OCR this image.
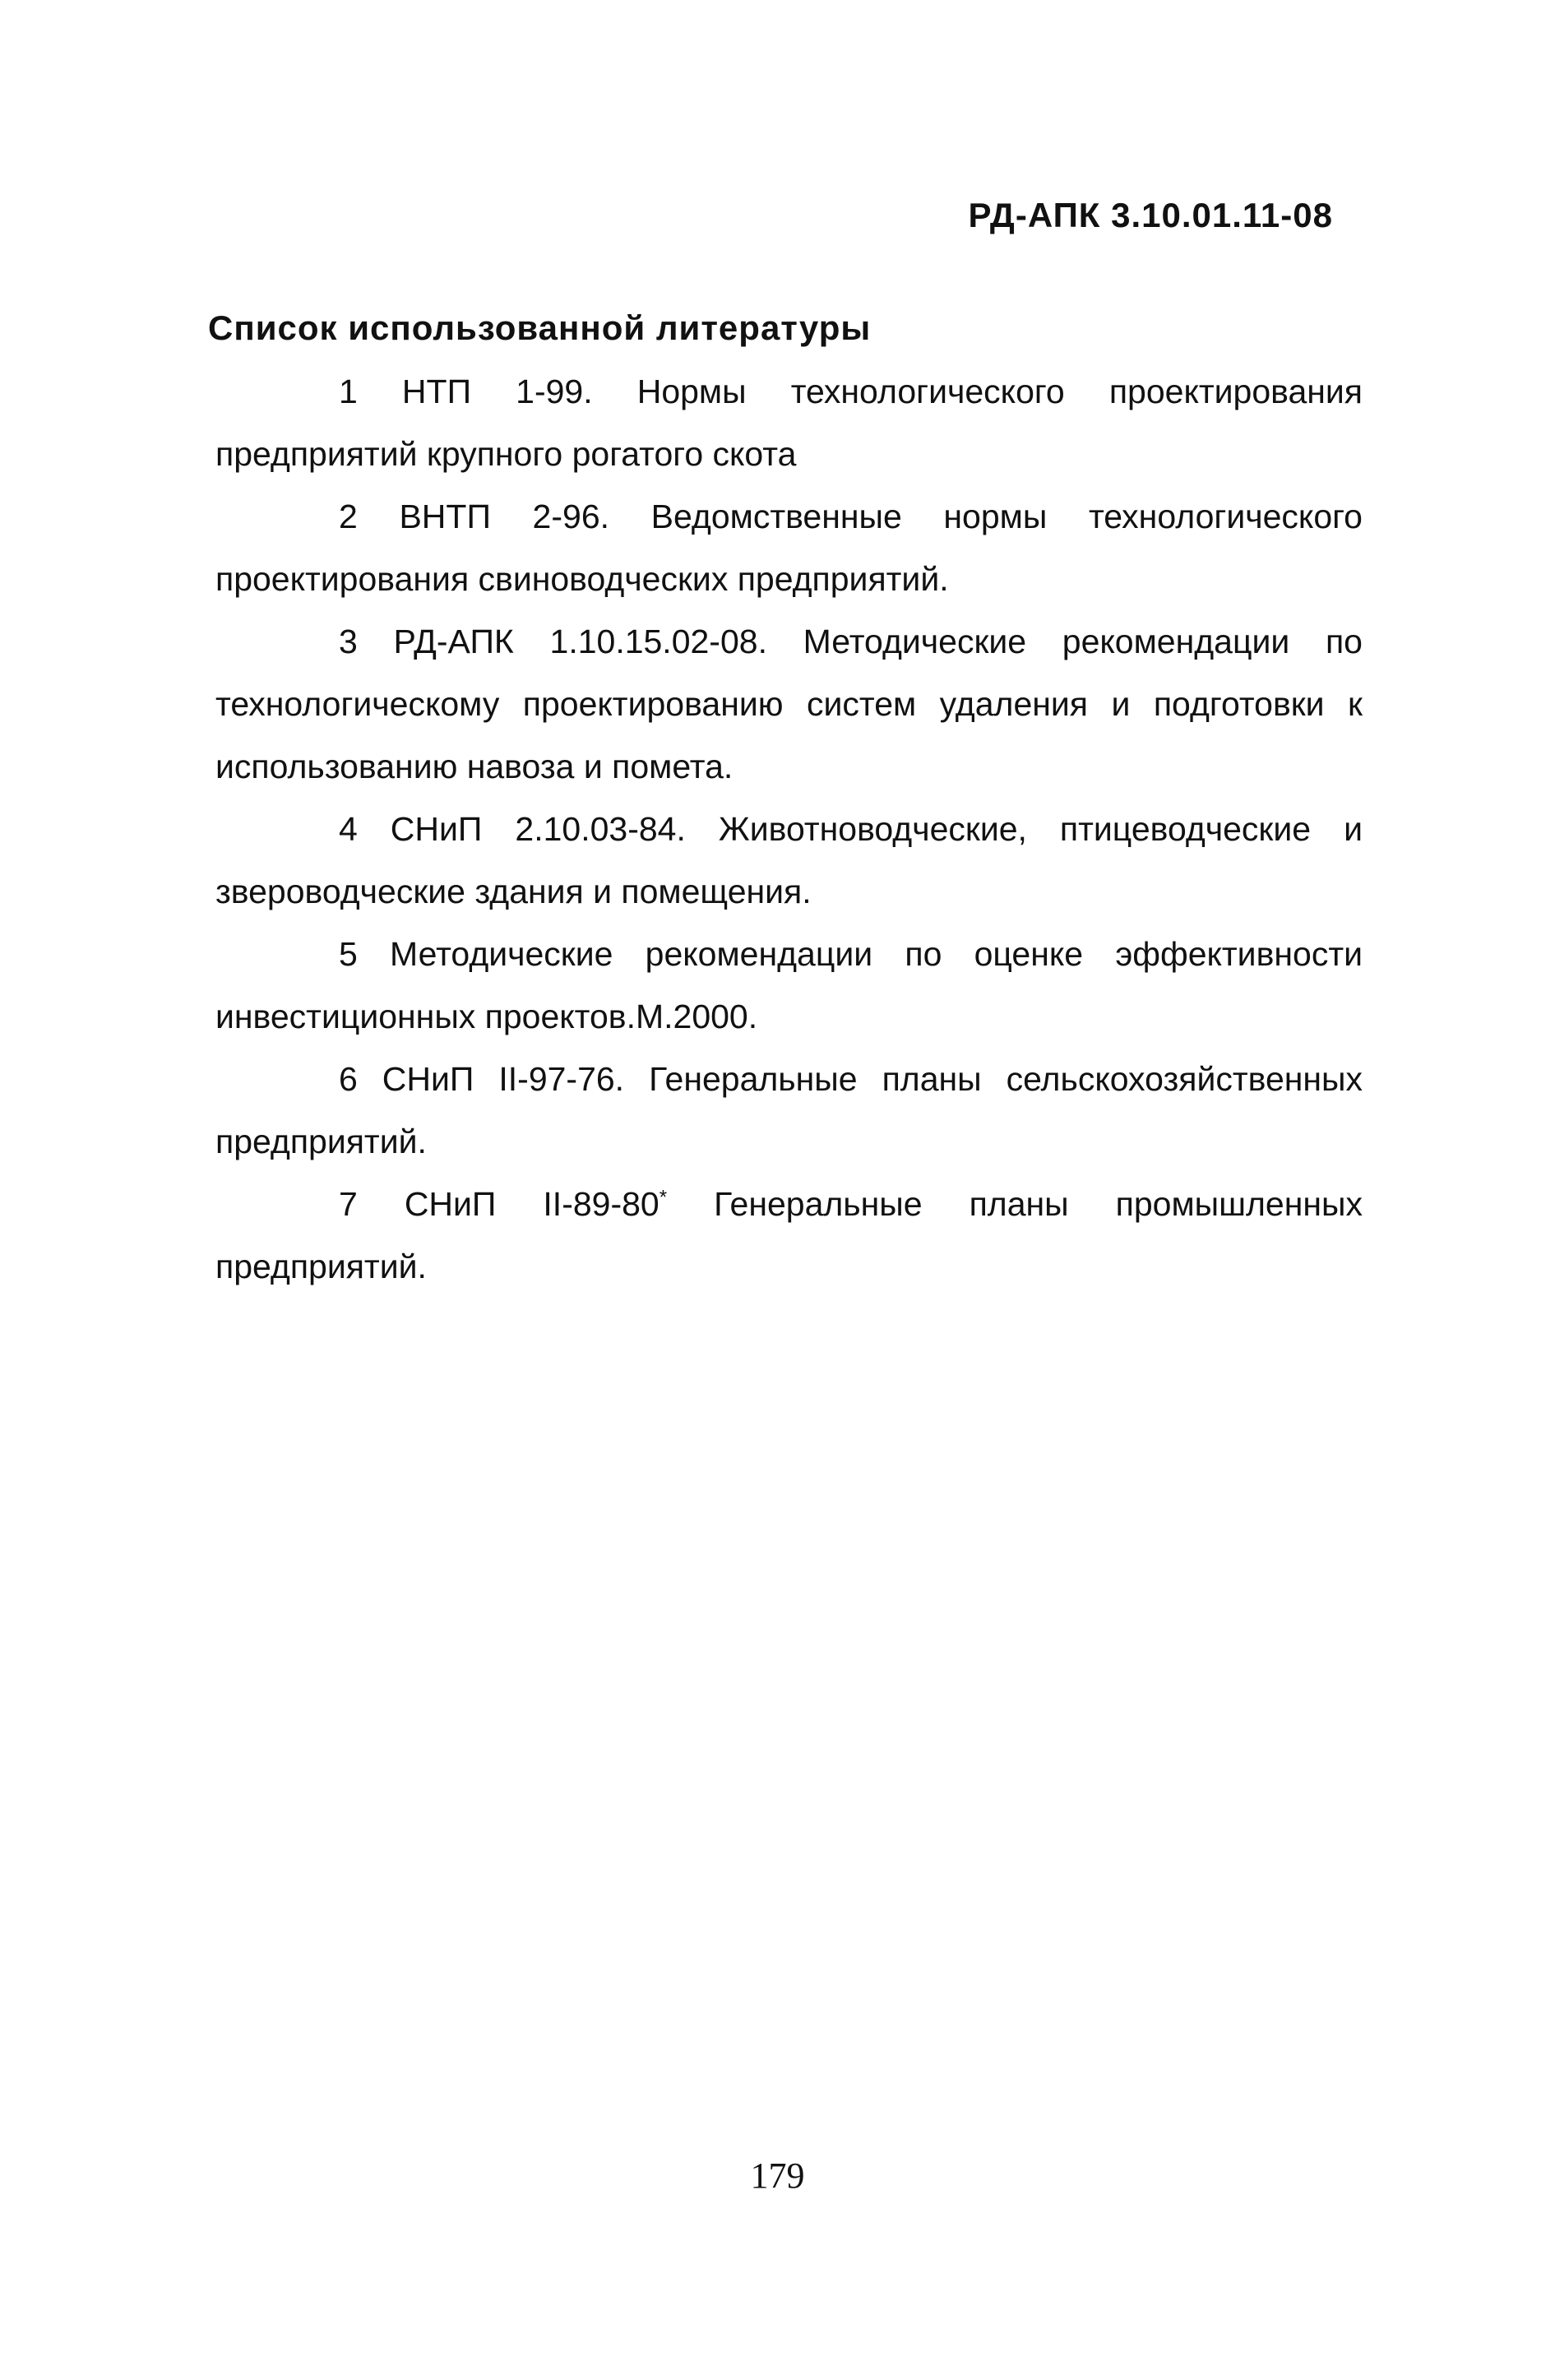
РД-АПК 3.10.01.11-08
Список использованной литературы

1 НТП 1-99. Нормы технологического проектирования предприятий крупного рогатого скота

2 ВНТП 2-96. Ведомственные нормы технологического проектирования свиноводческих предприятий.

3 РД-АПК 1.10.15.02-08. Методические рекомендации по технологическому проектированию систем удаления и подготовки к использованию навоза и помета.

4 СНиП 2.10.03-84. Животноводческие, птицеводческие и звероводческие здания и помещения.

5 Методические рекомендации по оценке эффективности инвестиционных проектов.М.2000.

6 СНиП II-97-76. Генеральные планы сельскохозяйственных предприятий.

7 СНиП II-89-80* Генеральные планы промышленных предприятий.

179
